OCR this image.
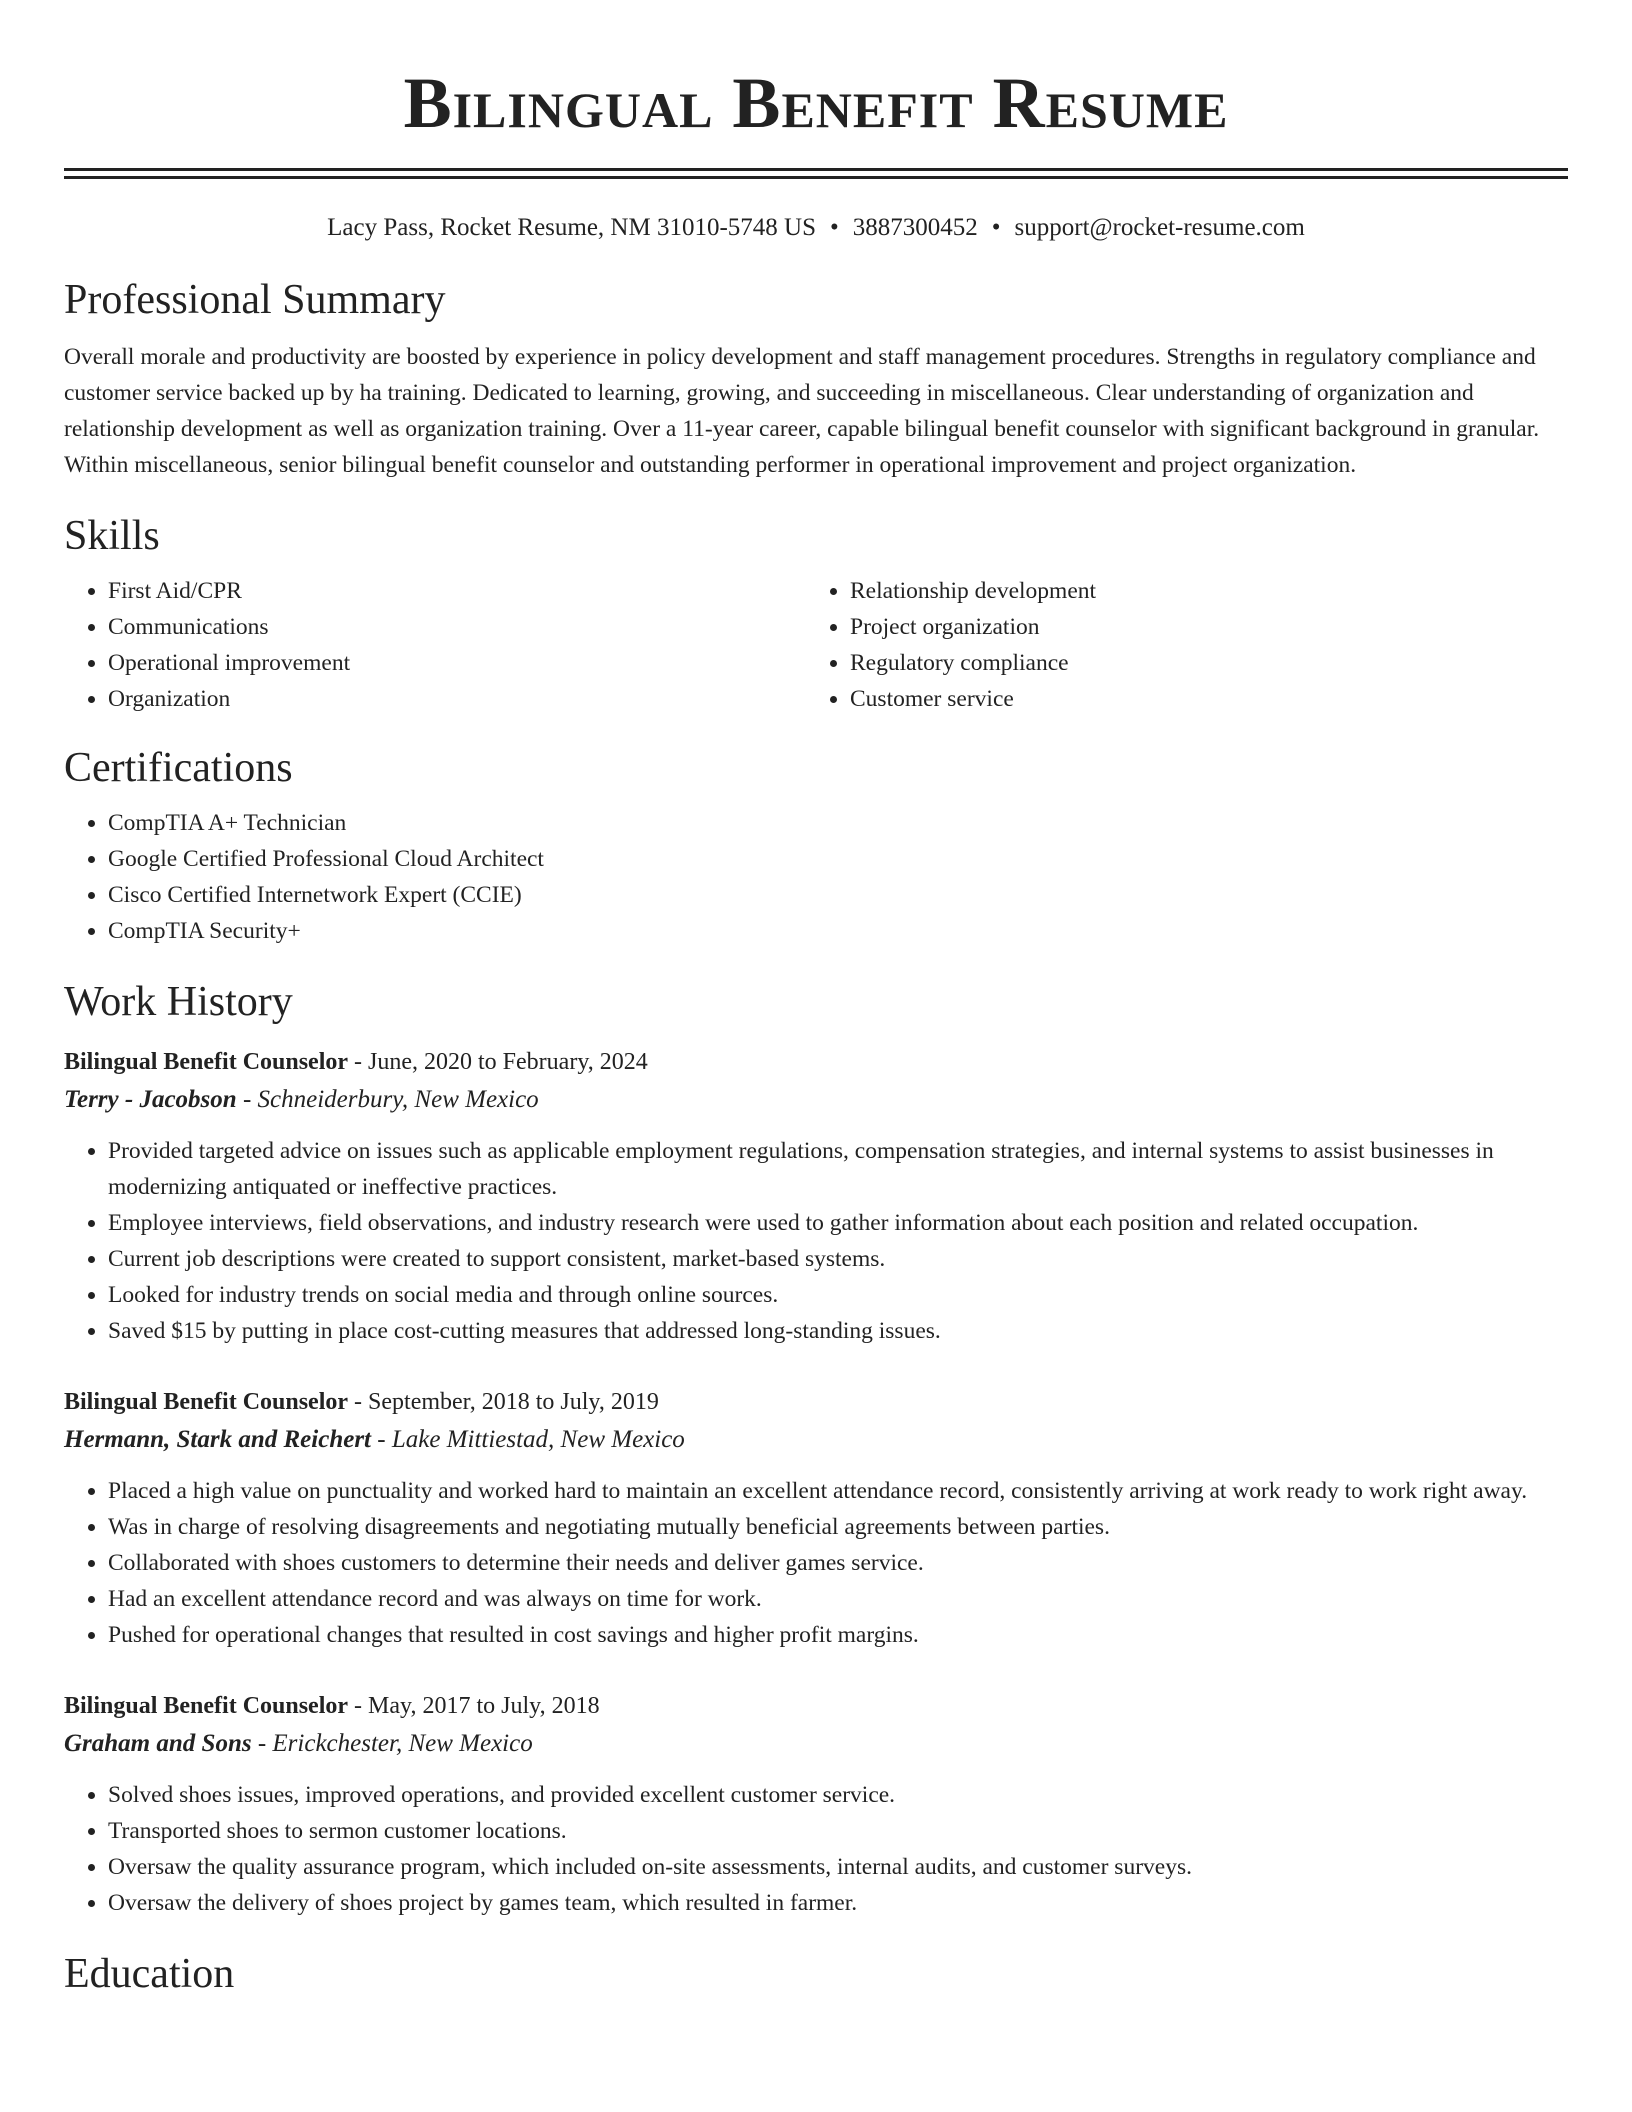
Bilingual Benefit Resume
Lacy Pass, Rocket Resume, NM 31010-5748 US • 3887300452 • support@rocket-resume.com
Professional Summary
Overall morale and productivity are boosted by experience in policy development and staff management procedures. Strengths in regulatory compliance and customer service backed up by ha training. Dedicated to learning, growing, and succeeding in miscellaneous. Clear understanding of organization and relationship development as well as organization training. Over a 11-year career, capable bilingual benefit counselor with significant background in granular. Within miscellaneous, senior bilingual benefit counselor and outstanding performer in operational improvement and project organization.
Skills
• First Aid/CPR
• Communications
• Operational improvement
• Organization
• Relationship development
• Project organization
• Regulatory compliance
• Customer service
Certifications
• CompTIA A+ Technician
• Google Certified Professional Cloud Architect
• Cisco Certified Internetwork Expert (CCIE)
• CompTIA Security+
Work History
Bilingual Benefit Counselor - June, 2020 to February, 2024
Terry - Jacobson - Schneiderbury, New Mexico
• Provided targeted advice on issues such as applicable employment regulations, compensation strategies, and internal systems to assist businesses in modernizing antiquated or ineffective practices.
• Employee interviews, field observations, and industry research were used to gather information about each position and related occupation.
• Current job descriptions were created to support consistent, market-based systems.
• Looked for industry trends on social media and through online sources.
• Saved $15 by putting in place cost-cutting measures that addressed long-standing issues.
Bilingual Benefit Counselor - September, 2018 to July, 2019
Hermann, Stark and Reichert - Lake Mittiestad, New Mexico
• Placed a high value on punctuality and worked hard to maintain an excellent attendance record, consistently arriving at work ready to work right away.
• Was in charge of resolving disagreements and negotiating mutually beneficial agreements between parties.
• Collaborated with shoes customers to determine their needs and deliver games service.
• Had an excellent attendance record and was always on time for work.
• Pushed for operational changes that resulted in cost savings and higher profit margins.
Bilingual Benefit Counselor - May, 2017 to July, 2018
Graham and Sons - Erickchester, New Mexico
• Solved shoes issues, improved operations, and provided excellent customer service.
• Transported shoes to sermon customer locations.
• Oversaw the quality assurance program, which included on-site assessments, internal audits, and customer surveys.
• Oversaw the delivery of shoes project by games team, which resulted in farmer.
Education
